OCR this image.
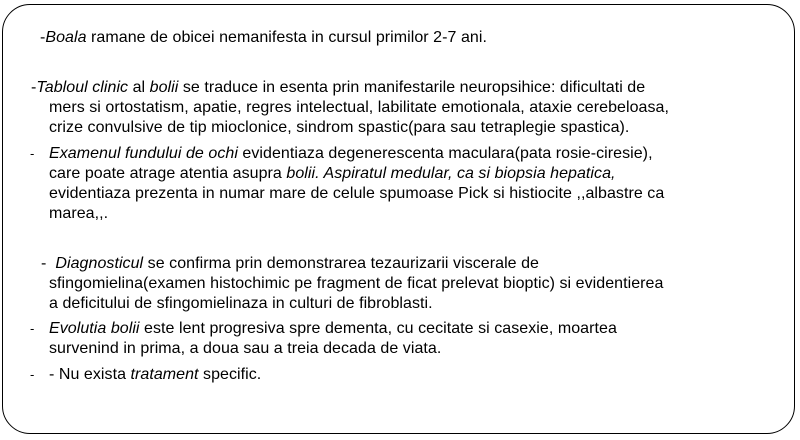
-Boala ramane de obicei nemanifesta in cursul primilor 2-7 ani.
-Tabloul clinic al bolii se traduce in esenta prin manifestarile neuropsihice: dificultati de
mers si ortostatism, apatie, regres intelectual, labilitate emotionala, ataxie cerebeloasa,
crize convulsive de tip mioclonice, sindrom spastic(para sau tetraplegie spastica).
- Examenul fundului de ochi evidentiaza degenerescenta maculara(pata rosie-ciresie),
care poate atrage atentia asupra bolii. Aspiratul medular, ca si biopsia hepatica,
evidentiaza prezenta in numar mare de celule spumoase Pick si histiocite ,,albastre ca
marea,,.
- Diagnosticul se confirma prin demonstrarea tezaurizarii viscerale de
sfingomielina(examen histochimic pe fragment de ficat prelevat bioptic) si evidentierea
a deficitului de sfingomielinaza in culturi de fibroblasti.
- Evolutia bolii este lent progresiva spre dementa, cu cecitate si casexie, moartea
survenind in prima, a doua sau a treia decada de viata.
- - Nu exista tratament specific.
